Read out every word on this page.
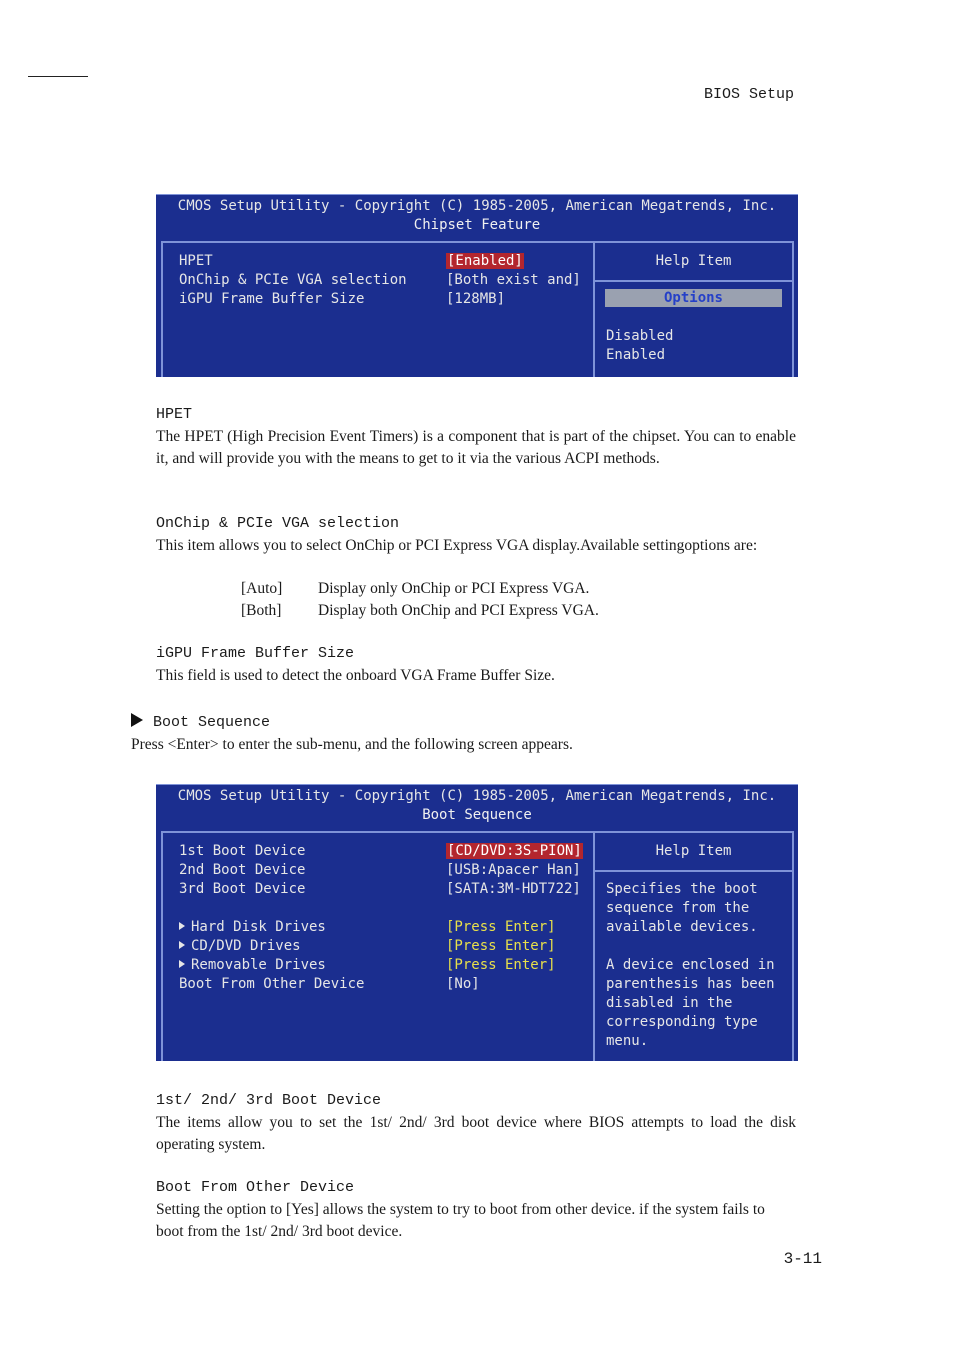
BIOS Setup
CMOS Setup Utility - Copyright (C) 1985-2005, American Megatrends, Inc.
Chipset Feature
HPET	[Enabled]
OnChip & PCIe VGA selection	[Both exist and]
iGPU Frame Buffer Size	[128MB]
Help Item
Options
Disabled
Enabled
HPET
The HPET (High Precision Event Timers) is a component that is part of the chipset. You can to enable it, and will provide you with the means to get to it via the various ACPI methods.
OnChip & PCIe VGA selection
This item allows you to select OnChip or PCI Express VGA display.Available settingoptions are:
[Auto] Display only OnChip or PCI Express VGA.
[Both] Display both OnChip and PCI Express VGA.
iGPU Frame Buffer Size
This field is used to detect the onboard VGA Frame Buffer Size.
Boot Sequence
Press <Enter> to enter the sub-menu, and the following screen appears.
CMOS Setup Utility - Copyright (C) 1985-2005, American Megatrends, Inc.
Boot Sequence
1st Boot Device	[CD/DVD:3S-PION]
2nd Boot Device	[USB:Apacer Han]
3rd Boot Device	[SATA:3M-HDT722]
Hard Disk Drives	[Press Enter]
CD/DVD Drives	[Press Enter]
Removable Drives	[Press Enter]
Boot From Other Device	[No]
Help Item
Specifies the boot
sequence from the
available devices.
A device enclosed in
parenthesis has been
disabled in the
corresponding type
menu.
1st/ 2nd/ 3rd Boot Device
The items allow you to set the 1st/ 2nd/ 3rd boot device where BIOS attempts to load the disk operating system.
Boot From Other Device
Setting the option to [Yes] allows the system to try to boot from other device. if the system fails to boot from the 1st/ 2nd/ 3rd boot device.
3-11
